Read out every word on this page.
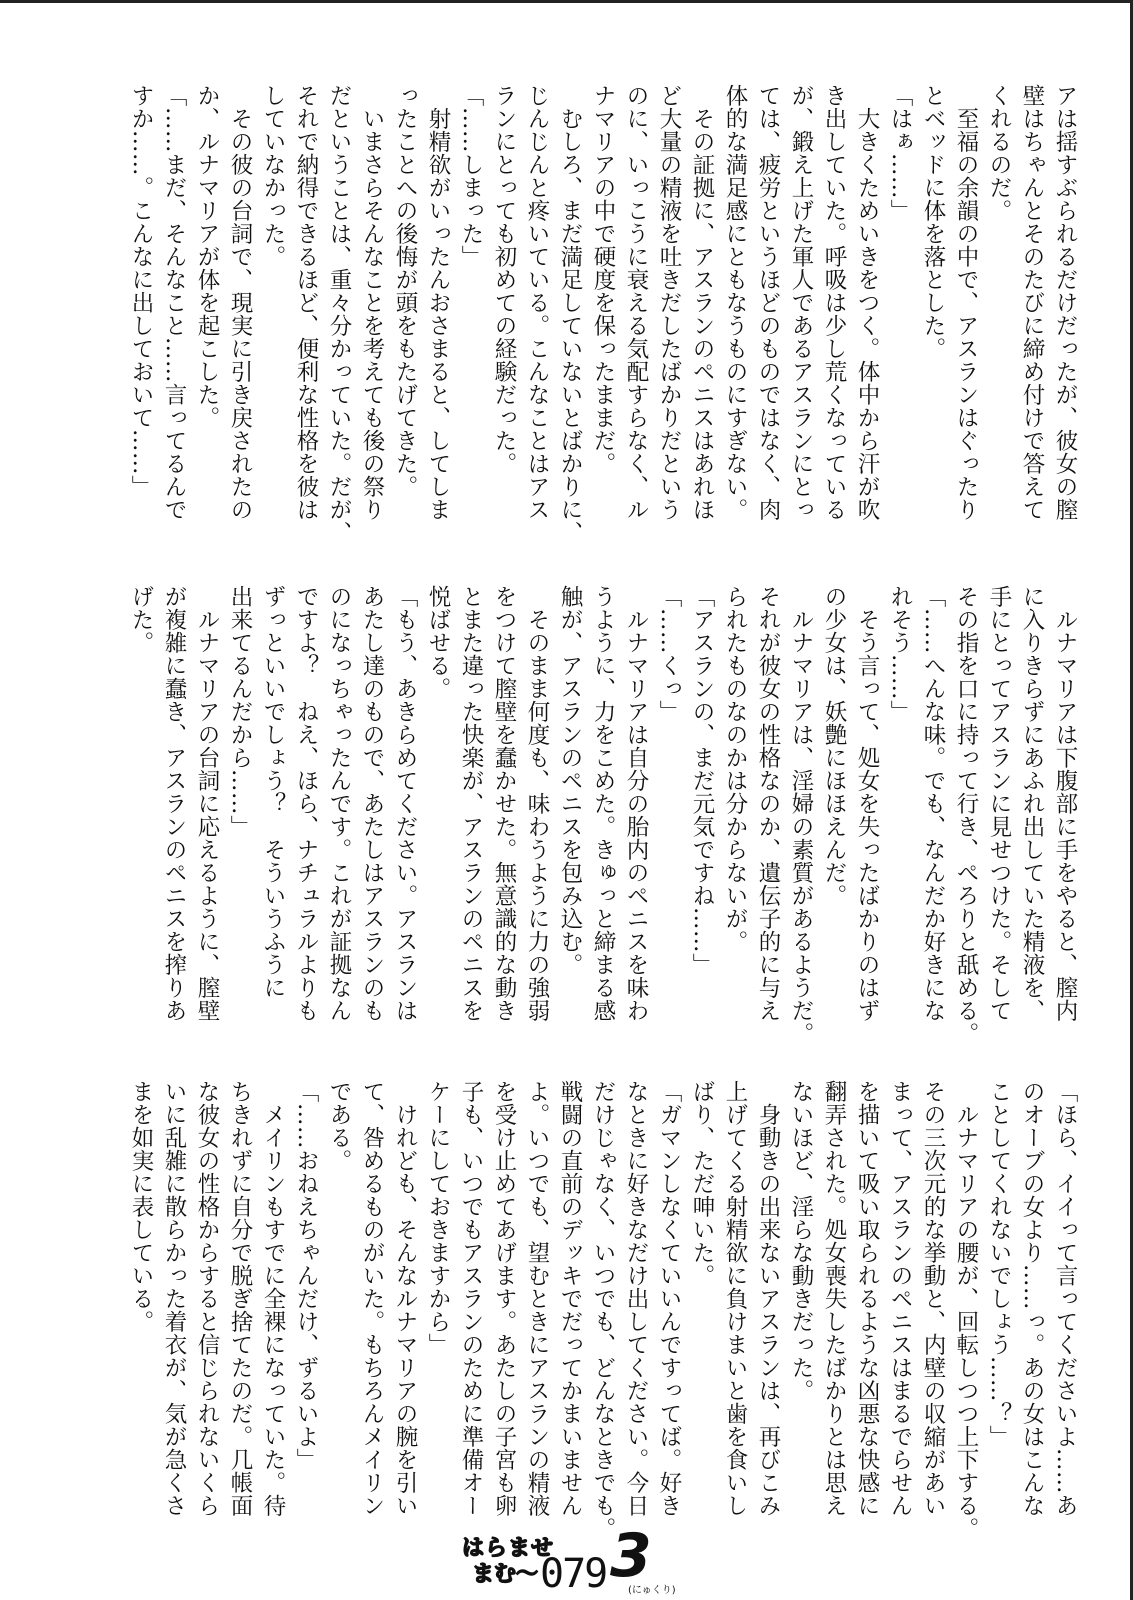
アは揺すぶられるだけだったが、彼女の膣

壁はちゃんとそのたびに締め付けで答えて

くれるのだ。

　至福の余韻の中で、アスランはぐったり

とベッドに体を落とした。

「はぁ……」

　大きくためいきをつく。体中から汗が吹

き出していた。呼吸は少し荒くなっている

が、鍛え上げた軍人であるアスランにとっ

ては、疲労というほどのものではなく、肉

体的な満足感にともなうものにすぎない。

　その証拠に、アスランのペニスはあれほ

ど大量の精液を吐きだしたばかりだという

のに、いっこうに衰える気配すらなく、ル

ナマリアの中で硬度を保ったままだ。

　むしろ、まだ満足していないとばかりに、

じんじんと疼いている。こんなことはアス

ランにとっても初めての経験だった。

「……しまった」

　射精欲がいったんおさまると、してしま

ったことへの後悔が頭をもたげてきた。

　いまさらそんなことを考えても後の祭り

だということは、重々分かっていた。だが、

それで納得できるほど、便利な性格を彼は

していなかった。

　その彼の台詞で、現実に引き戻されたの

か、ルナマリアが体を起こした。

「……まだ、そんなこと……言ってるんで

すか……。こんなに出しておいて……」

　ルナマリアは下腹部に手をやると、膣内

に入りきらずにあふれ出していた精液を、

手にとってアスランに見せつけた。そして

その指を口に持って行き、ぺろりと舐める。

「……へんな味。でも、なんだか好きにな

れそう……」

　そう言って、処女を失ったばかりのはず

の少女は、妖艶にほほえんだ。

　ルナマリアは、淫婦の素質があるようだ。

それが彼女の性格なのか、遺伝子的に与え

られたものなのかは分からないが。

「アスランの、まだ元気ですね……」

「……くっ」

　ルナマリアは自分の胎内のペニスを味わ

うように、力をこめた。きゅっと締まる感

触が、アスランのペニスを包み込む。

　そのまま何度も、味わうように力の強弱

をつけて膣壁を蠢かせた。無意識的な動き

とまた違った快楽が、アスランのペニスを

悦ばせる。

「もう、あきらめてください。アスランは

あたし達のもので、あたしはアスランのも

のになっちゃったんです。これが証拠なん

ですよ？　ねえ、ほら、ナチュラルよりも

ずっといいでしょう？　そういうふうに

出来てるんだから……」

　ルナマリアの台詞に応えるように、膣壁

が複雑に蠢き、アスランのペニスを搾りあ

げた。

「ほら、イイって言ってくださいよ……あ

のオーブの女より……っ。あの女はこんな

ことしてくれないでしょう……？」

　ルナマリアの腰が、回転しつつ上下する。

その三次元的な挙動と、内壁の収縮があい

まって、アスランのペニスはまるでらせん

を描いて吸い取られるような凶悪な快感に

翻弄された。処女喪失したばかりとは思え

ないほど、淫らな動きだった。

　身動きの出来ないアスランは、再びこみ

上げてくる射精欲に負けまいと歯を食いし

ばり、ただ呻いた。

「ガマンしなくていいんですってば。好き

なときに好きなだけ出してください。今日

だけじゃなく、いつでも、どんなときでも。

戦闘の直前のデッキでだってかまいません

よ。いつでも、望むときにアスランの精液

を受け止めてあげます。あたしの子宮も卵

子も、いつでもアスランのために準備オー

ケーにしておきますから」

　けれども、そんなルナマリアの腕を引い

て、咎めるものがいた。もちろんメイリン

である。

「……おねえちゃんだけ、ずるいよ」

　メイリンもすでに全裸になっていた。待

ちきれずに自分で脱ぎ捨てたのだ。几帳面

な彼女の性格からすると信じられないくら

いに乱雑に散らかった着衣が、気が急くさ

まを如実に表している。

はらませ
まむ〜 079 3
(にゅくり)
